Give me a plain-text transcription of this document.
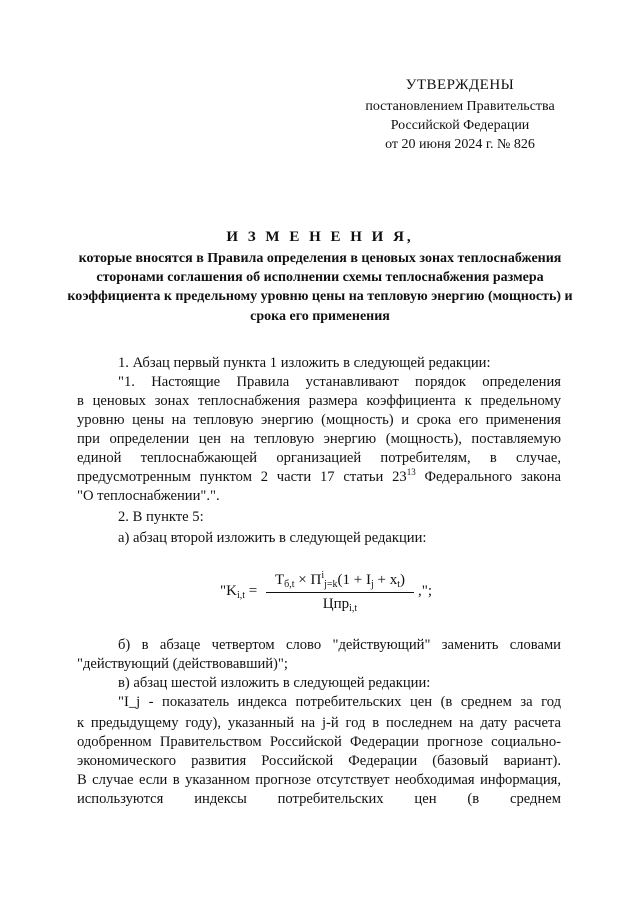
УТВЕРЖДЕНЫ
постановлением Правительства
Российской Федерации
от 20 июня 2024 г. № 826
И З М Е Н Е Н И Я,
которые вносятся в Правила определения в ценовых зонах теплоснабжения сторонами соглашения об исполнении схемы теплоснабжения размера коэффициента к предельному уровню цены на тепловую энергию (мощность) и срока его применения
1. Абзац первый пункта 1 изложить в следующей редакции:
"1. Настоящие Правила устанавливают порядок определения
в ценовых зонах теплоснабжения размера коэффициента к предельному
уровню цены на тепловую энергию (мощность) и срока его применения
при определении цен на тепловую энергию (мощность), поставляемую
единой теплоснабжающей организацией потребителям, в случае,
предусмотренным пунктом 2 части 17 статьи $23^{13}$ Федерального закона
"О теплоснабжении".".
2. В пункте 5:
а) абзац второй изложить в следующей редакции:
"$K_{i,t}$ =
$Т_{б,t} \times П^i_{j=k}(1 + I_j + x_t)$
Цпр$_{i,t}$
,";
б) в абзаце четвертом слово "действующий" заменить словами
"действующий (действовавший)";
в) абзац шестой изложить в следующей редакции:
"I_j - показатель индекса потребительских цен (в среднем за год
к предыдущему году), указанный на j-й год в последнем на дату расчета
одобренном Правительством Российской Федерации прогнозе социально-
экономического развития Российской Федерации (базовый вариант).
В случае если в указанном прогнозе отсутствует необходимая информация,
используются индексы потребительских цен (в среднем
